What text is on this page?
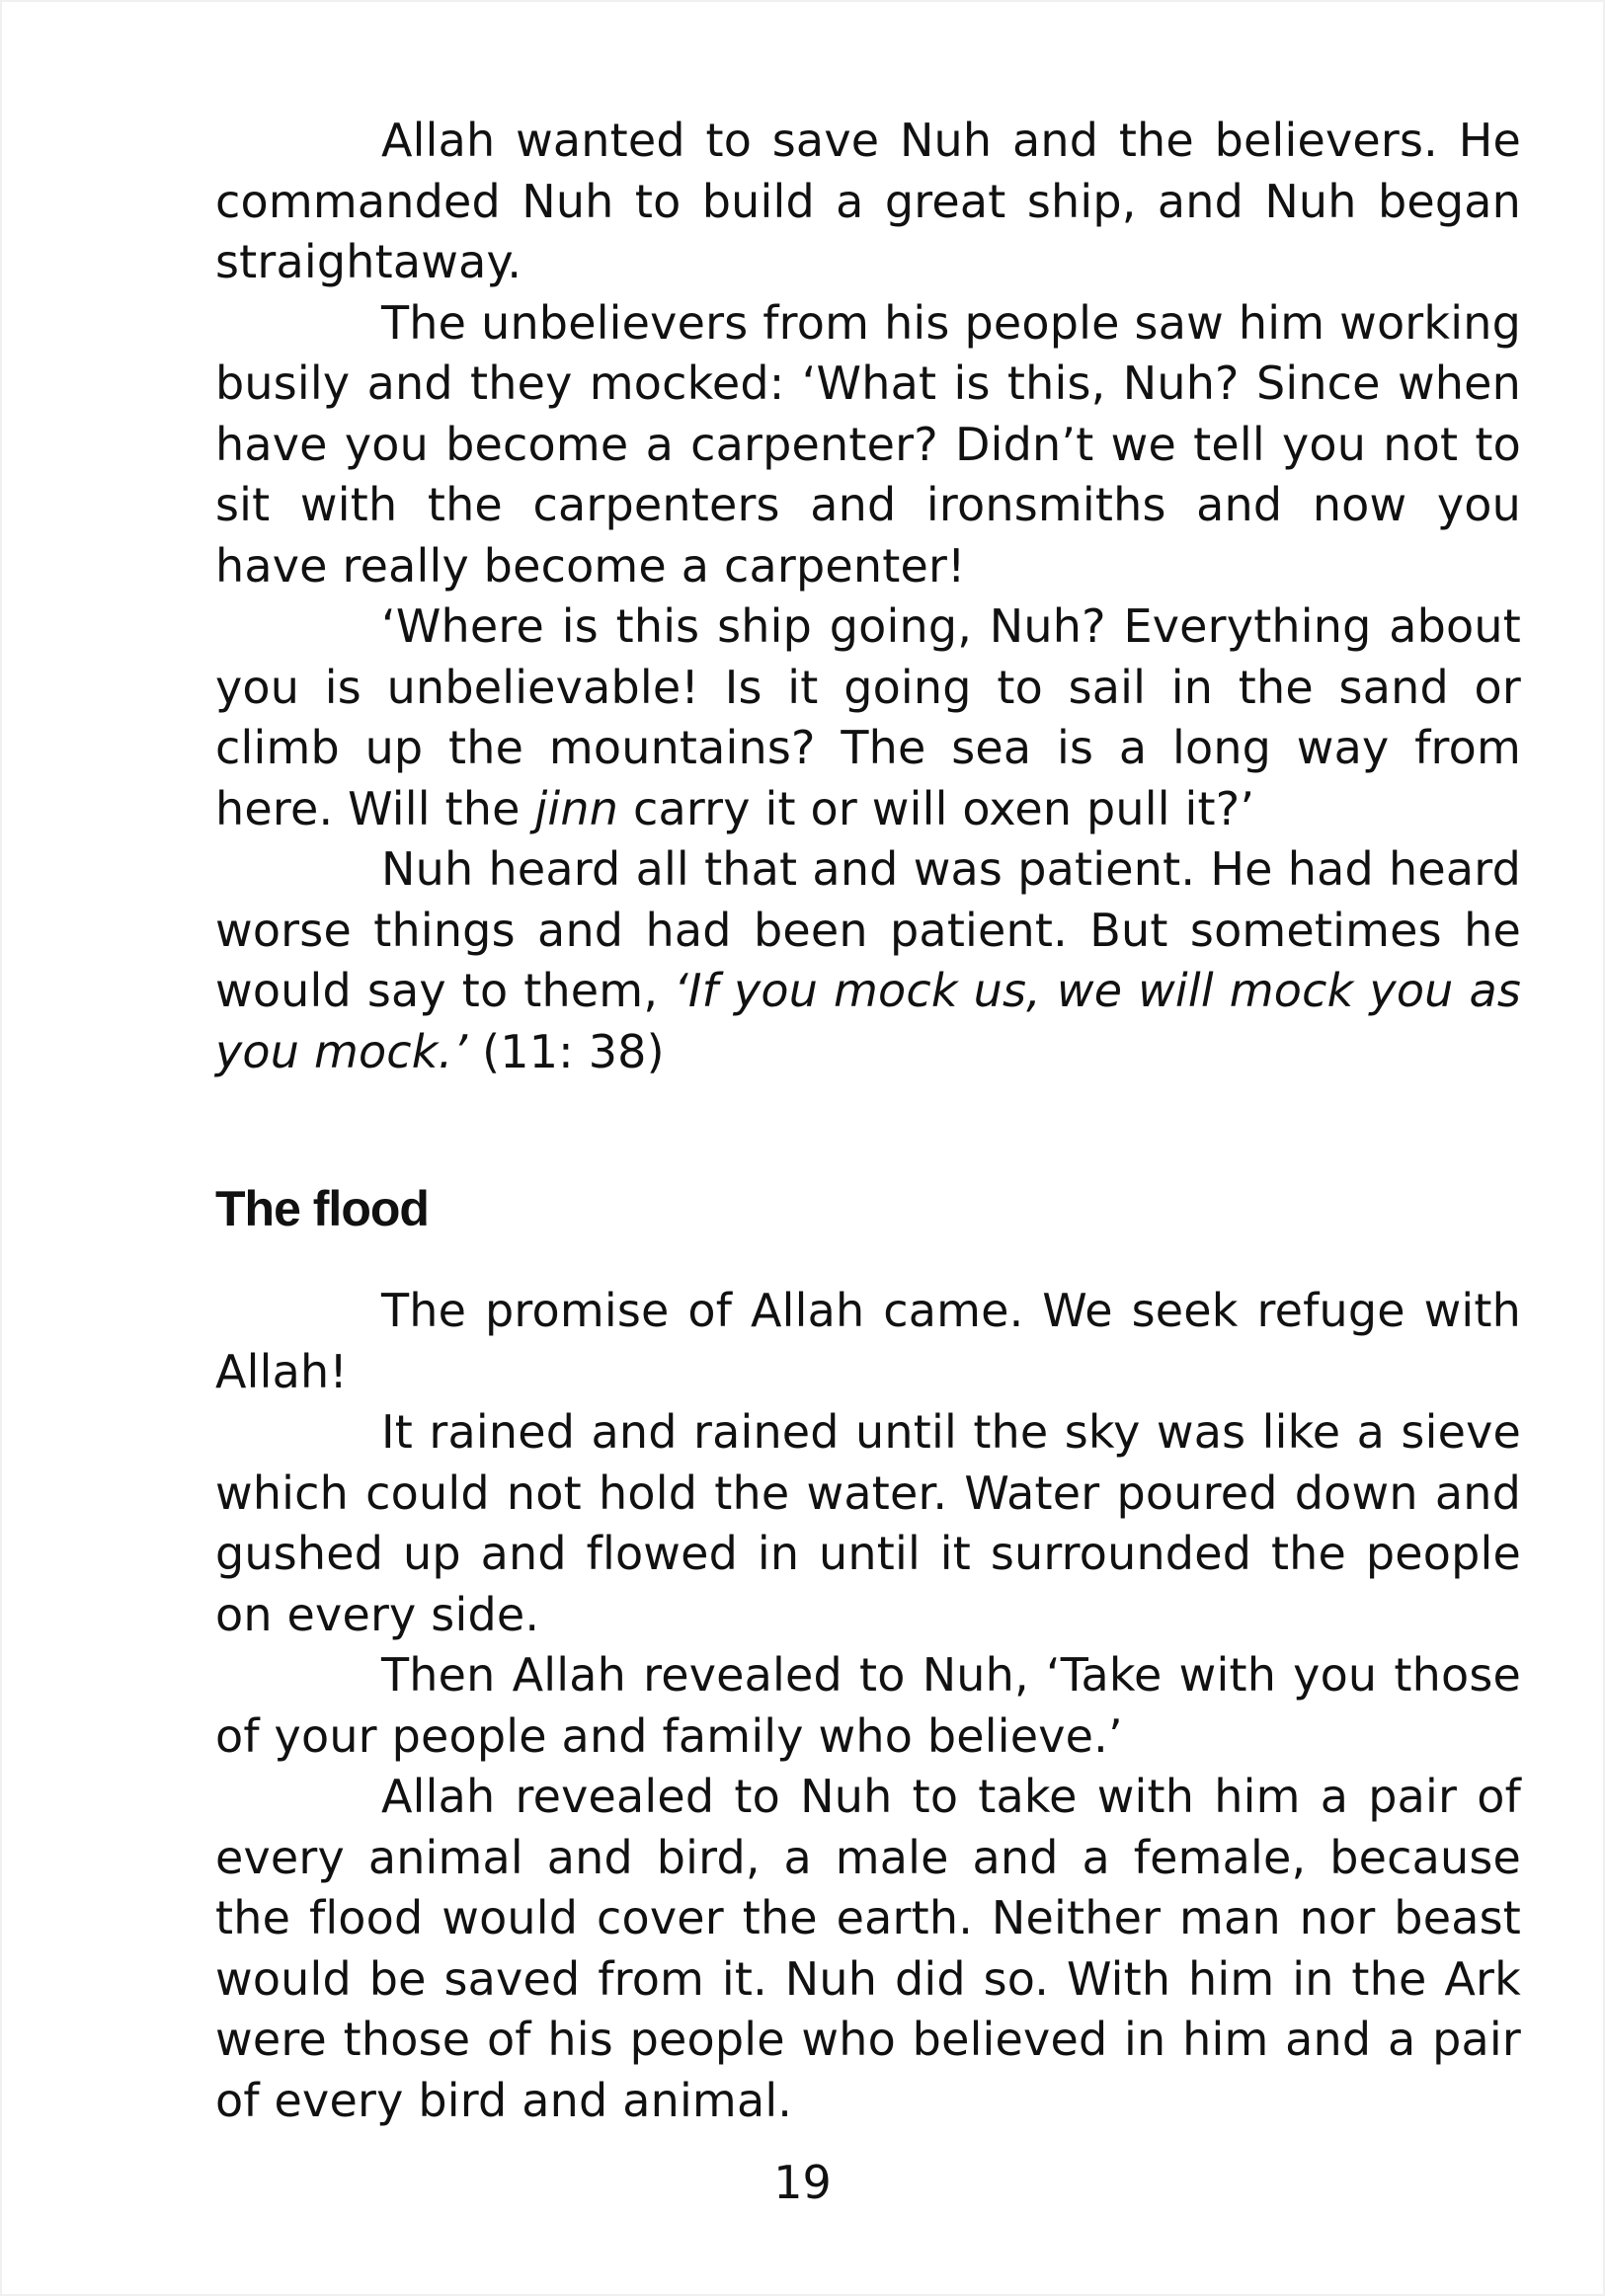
Allah wanted to save Nuh and the believers. He commanded Nuh to build a great ship, and Nuh began straightaway.

The unbelievers from his people saw him working busily and they mocked: ‘What is this, Nuh? Since when have you become a carpenter? Didn’t we tell you not to sit with the carpenters and ironsmiths and now you have really become a carpenter!

‘Where is this ship going, Nuh? Everything about you is unbelievable! Is it going to sail in the sand or climb up the mountains? The sea is a long way from here. Will the jinn carry it or will oxen pull it?’

Nuh heard all that and was patient. He had heard worse things and had been patient. But sometimes he would say to them, ‘If you mock us, we will mock you as you mock.’ (11: 38)

The flood

The promise of Allah came. We seek refuge with Allah!

It rained and rained until the sky was like a sieve which could not hold the water. Water poured down and gushed up and flowed in until it surrounded the people on every side.

Then Allah revealed to Nuh, ‘Take with you those of your people and family who believe.’

Allah revealed to Nuh to take with him a pair of every animal and bird, a male and a female, because the flood would cover the earth. Neither man nor beast would be saved from it. Nuh did so. With him in the Ark were those of his people who believed in him and a pair of every bird and animal.

19
